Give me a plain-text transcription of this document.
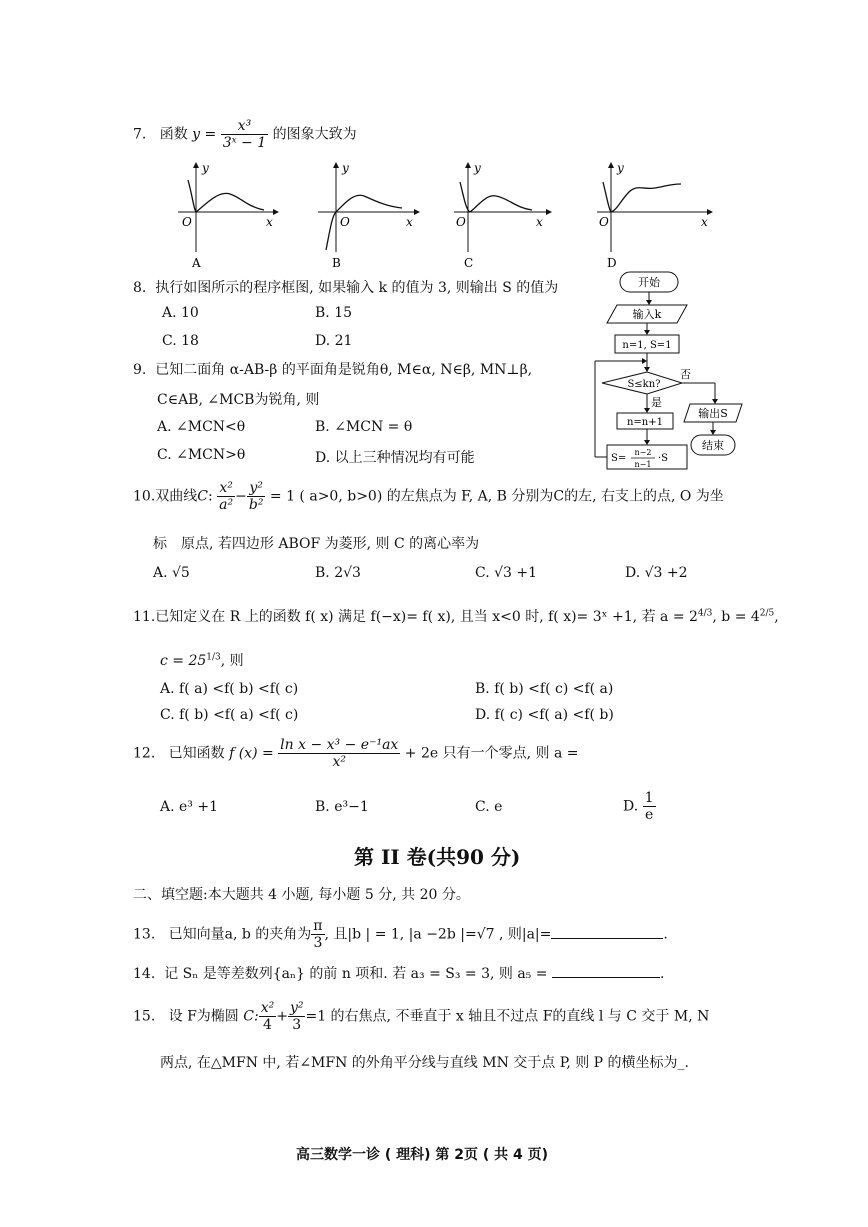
7. 函数 $y = \frac{\text{x³}}{\text{3ˣ − 1}}$ 的图象大致为
y
x
O
A
y
x
O
B
y
x
O
C
y
x
O
D
8. 执行如图所示的程序框图, 如果输入 k 的值为 3, 则输出 S 的值为
A. 10	B. 15
C. 18	D. 21
开始
输入k
n=1, S=1
S≤kn?
否
是
n=n+1
S=
n−2
n−1
·S
输出S
结束
9. 已知二面角 α-AB-β 的平面角是锐角θ, M∈α, N∈β, MN⊥β,
C∈AB, ∠MCB为锐角, 则
A. ∠MCN<θ	B. ∠MCN = θ
C. ∠MCN>θ	D. 以上三种情况均有可能
10.双曲线C: $\frac{\text{x²}}{\text{a²}} - \frac{\text{y²}}{\text{b²}} = 1$ ( a>0, b>0) 的左焦点为 F, A, B 分别为C的左, 右支上的点, O 为坐
标　原点, 若四边形 ABOF 为菱形, 则 C 的离心率为
A. √5	B. 2√3	C. √3 +1	D. √3 +2
11.已知定义在 R 上的函数 f( x) 满足 f(−x)= f( x), 且当 x<0 时, f( x)= 3ˣ +1, 若 $a = 2^{4/3}$, $b = 4^{2/5}$,
$c = 25^{1/3}$, 则
A. f( a) <f( b) <f( c)	B. f( b) <f( c) <f( a)
C. f( b) <f( a) <f( c)	D. f( c) <f( a) <f( b)
12. 已知函数 f $(x) = \frac{\text{ln x − x³ − e⁻¹ax}}{\text{x²}} + 2e$ 只有一个零点, 则 a =
A. e³ +1	B. e³−1	C. e	D. $\frac{1}{e}$
第 II 卷(共90 分)
二、填空题:本大题共 4 小题, 每小题 5 分, 共 20 分。
13. 已知向量a, b 的夹角为 $\frac{\pi}{3}$ , 且|b | = 1, |a −2b |=√7 , 则|a|=	.
14. 记 Sₙ 是等差数列{aₙ} 的前 n 项和. 若 a₃ = S₃ = 3, 则 a₅ =	.
15. 设 F为椭圆 C: $\frac{\text{x²}}{4} + \frac{\text{y²}}{3} =1$ 的右焦点, 不垂直于 x 轴且不过点 F的直线 l 与 C 交于 M, N
两点, 在△MFN 中, 若∠MFN 的外角平分线与直线 MN 交于点 P, 则 P 的横坐标为_.
高三数学一诊 ( 理科) 第 2页 ( 共 4 页)
